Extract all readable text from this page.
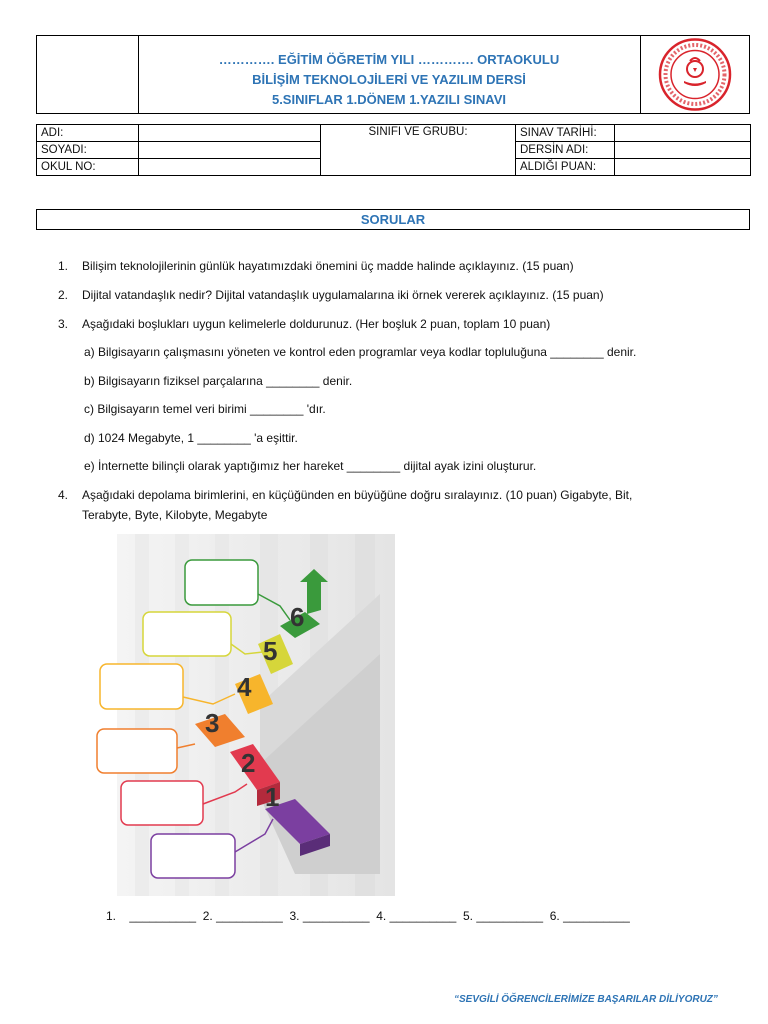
…………. EĞİTİM ÖĞRETİM YILI …………. ORTAOKULU
BİLİŞİM TEKNOLOJİLERİ VE YAZILIM DERSİ
5.SINIFLAR 1.DÖNEM 1.YAZILI SINAVI
ADI:		SINIFI VE GRUBU:	SINAV TARİHİ:	
SOYADI:			DERSİN ADI:	
OKUL NO:			ALDIĞI PUAN:	
SORULAR
1. Bilişim teknolojilerinin günlük hayatımızdaki önemini üç madde halinde açıklayınız. (15 puan)
2. Dijital vatandaşlık nedir? Dijital vatandaşlık uygulamalarına iki örnek vererek açıklayınız. (15 puan)
3. Aşağıdaki boşlukları uygun kelimelerle doldurunuz. (Her boşluk 2 puan, toplam 10 puan)
a) Bilgisayarın çalışmasını yöneten ve kontrol eden programlar veya kodlar topluluğuna ________ denir.
b) Bilgisayarın fiziksel parçalarına ________ denir.
c) Bilgisayarın temel veri birimi ________ 'dır.
d) 1024 Megabyte, 1 ________ 'a eşittir.
e) İnternette bilinçli olarak yaptığımız her hareket ________ dijital ayak izini oluşturur.
4. Aşağıdaki depolama birimlerini, en küçüğünden en büyüğüne doğru sıralayınız. (10 puan) Gigabyte, Bit,
Terabyte, Byte, Kilobyte, Megabyte
1
2
3
4
5
6
1.    __________  2. __________  3. __________  4. __________  5. __________  6. __________
“SEVGİLİ ÖĞRENCİLERİMİZE BAŞARILAR DİLİYORUZ”
